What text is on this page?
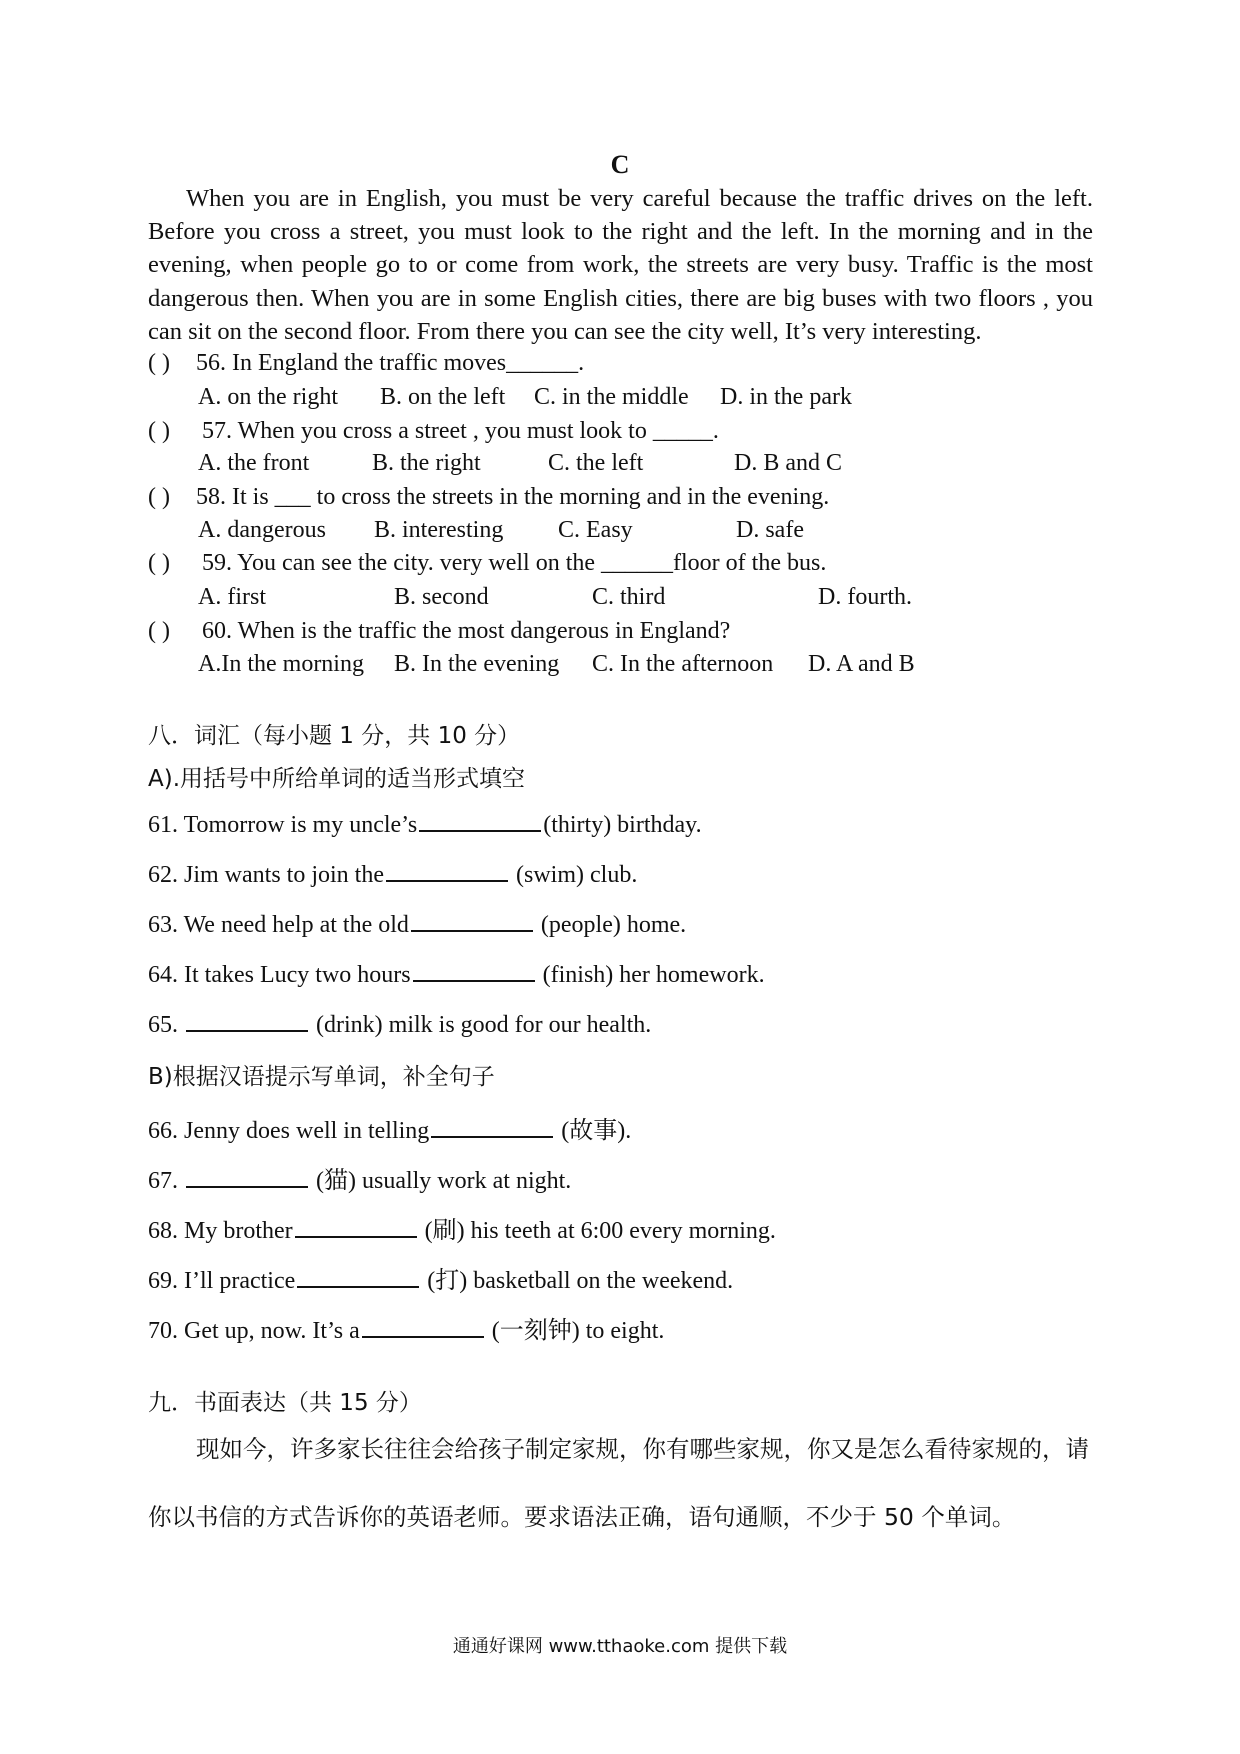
C
When you are in English, you must be very careful because the traffic drives on the left. Before you cross a street, you must look to the right and the left. In the morning and in the evening, when people go to or come from work, the streets are very busy. Traffic is the most dangerous then. When you are in some English cities, there are big buses with two floors , you can sit on the second floor. From there you can see the city well, It’s very interesting.
( ) 56. In England the traffic moves______.
A. on the right B. on the left C. in the middle D. in the park
( ) 57. When you cross a street , you must look to _____.
A. the front	B. the right	C. the left	D. B and C
( ) 58. It is ___ to cross the streets in the morning and in the evening.
A. dangerous B. interesting C. Easy	D. safe
( ) 59. You can see the city. very well on the ______floor of the bus.
A. first	B. second	C. third	D. fourth.
( ) 60. When is the traffic the most dangerous in England?
A.In the morning B. In the evening C. In the afternoon D. A and B
八．词汇（每小题 1 分，共 10 分）
A).用括号中所给单词的适当形式填空
61. Tomorrow is my uncle’s	(thirty) birthday.
62. Jim wants to join the	(swim) club.
63. We need help at the old	(people) home.
64. It takes Lucy two hours	(finish) her homework.
65.	(drink) milk is good for our health.
B)根据汉语提示写单词，补全句子
66. Jenny does well in telling	(故事).
67.	(猫) usually work at night.
68. My brother	(刷) his teeth at 6:00 every morning.
69. I’ll practice	(打) basketball on the weekend.
70. Get up, now. It’s a	(一刻钟) to eight.
九．书面表达（共 15 分）

现如今，许多家长往往会给孩子制定家规，你有哪些家规，你又是怎么看待家规的，请你以书信的方式告诉你的英语老师。要求语法正确，语句通顺，不少于 50 个单词。

通通好课网 www.tthaoke.com 提供下载
